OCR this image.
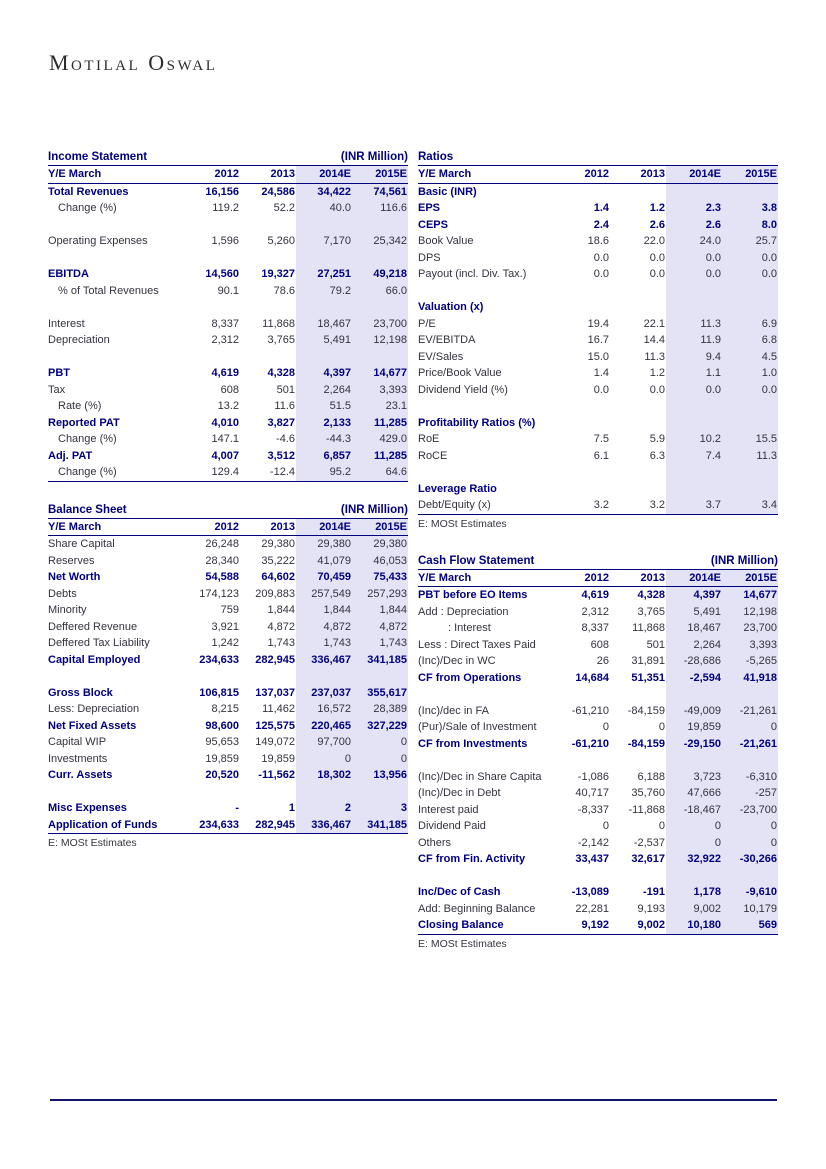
Motilal Oswal
Income Statement	(INR Million)
Y/E March	2012	2013	2014E	2015E
Total Revenues	16,156	24,586	34,422	74,561
Change (%)	119.2	52.2	40.0	116.6

Operating Expenses	1,596	5,260	7,170	25,342

EBITDA	14,560	19,327	27,251	49,218
% of Total Revenues	90.1	78.6	79.2	66.0

Interest	8,337	11,868	18,467	23,700
Depreciation	2,312	3,765	5,491	12,198

PBT	4,619	4,328	4,397	14,677
Tax	608	501	2,264	3,393
Rate (%)	13.2	11.6	51.5	23.1
Reported PAT	4,010	3,827	2,133	11,285
Change (%)	147.1	-4.6	-44.3	429.0
Adj. PAT	4,007	3,512	6,857	11,285
Change (%)	129.4	-12.4	95.2	64.6
Balance Sheet	(INR Million)
Y/E March	2012	2013	2014E	2015E
Share Capital	26,248	29,380	29,380	29,380
Reserves	28,340	35,222	41,079	46,053
Net Worth	54,588	64,602	70,459	75,433
Debts	174,123	209,883	257,549	257,293
Minority	759	1,844	1,844	1,844
Deffered Revenue	3,921	4,872	4,872	4,872
Deffered Tax Liability	1,242	1,743	1,743	1,743
Capital Employed	234,633	282,945	336,467	341,185

Gross Block	106,815	137,037	237,037	355,617
Less: Depreciation	8,215	11,462	16,572	28,389
Net Fixed Assets	98,600	125,575	220,465	327,229
Capital WIP	95,653	149,072	97,700	0
Investments	19,859	19,859	0	0
Curr. Assets	20,520	-11,562	18,302	13,956

Misc Expenses	-	1	2	3
Application of Funds	234,633	282,945	336,467	341,185
E: MOSt Estimates
Ratios
Y/E March	2012	2013	2014E	2015E
Basic (INR)				
EPS	1.4	1.2	2.3	3.8
CEPS	2.4	2.6	2.6	8.0
Book Value	18.6	22.0	24.0	25.7
DPS	0.0	0.0	0.0	0.0
Payout (incl. Div. Tax.)	0.0	0.0	0.0	0.0

Valuation (x)				
P/E	19.4	22.1	11.3	6.9
EV/EBITDA	16.7	14.4	11.9	6.8
EV/Sales	15.0	11.3	9.4	4.5
Price/Book Value	1.4	1.2	1.1	1.0
Dividend Yield (%)	0.0	0.0	0.0	0.0

Profitability Ratios (%)				
RoE	7.5	5.9	10.2	15.5
RoCE	6.1	6.3	7.4	11.3

Leverage Ratio				
Debt/Equity (x)	3.2	3.2	3.7	3.4
E: MOSt Estimates
Cash Flow Statement	(INR Million)
Y/E March	2012	2013	2014E	2015E
PBT before EO Items	4,619	4,328	4,397	14,677
Add : Depreciation	2,312	3,765	5,491	12,198
: Interest	8,337	11,868	18,467	23,700
Less : Direct Taxes Paid	608	501	2,264	3,393
(Inc)/Dec in WC	26	31,891	-28,686	-5,265
CF from Operations	14,684	51,351	-2,594	41,918

(Inc)/dec in FA	-61,210	-84,159	-49,009	-21,261
(Pur)/Sale of Investment	0	0	19,859	0
CF from Investments	-61,210	-84,159	-29,150	-21,261

(Inc)/Dec in Share Capita	-1,086	6,188	3,723	-6,310
(Inc)/Dec in Debt	40,717	35,760	47,666	-257
Interest paid	-8,337	-11,868	-18,467	-23,700
Dividend Paid	0	0	0	0
Others	-2,142	-2,537	0	0
CF from Fin. Activity	33,437	32,617	32,922	-30,266

Inc/Dec of Cash	-13,089	-191	1,178	-9,610
Add: Beginning Balance	22,281	9,193	9,002	10,179
Closing Balance	9,192	9,002	10,180	569
E: MOSt Estimates
